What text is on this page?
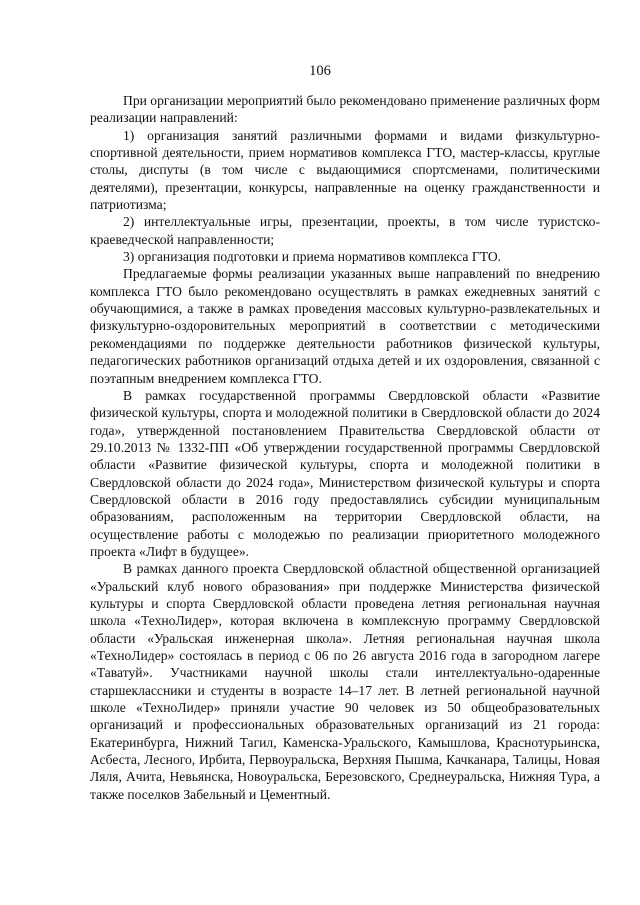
106

При организации мероприятий было рекомендовано применение различных форм реализации направлений:

1) организация занятий различными формами и видами физкультурно-спортивной деятельности, прием нормативов комплекса ГТО, мастер-классы, круглые столы, диспуты (в том числе с выдающимися спортсменами, политическими деятелями), презентации, конкурсы, направленные на оценку гражданственности и патриотизма;

2) интеллектуальные игры, презентации, проекты, в том числе туристско-краеведческой направленности;

3) организация подготовки и приема нормативов комплекса ГТО.

Предлагаемые формы реализации указанных выше направлений по внедрению комплекса ГТО было рекомендовано осуществлять в рамках ежедневных занятий с обучающимися, а также в рамках проведения массовых культурно-развлекательных и физкультурно-оздоровительных мероприятий в соответствии с методическими рекомендациями по поддержке деятельности работников физической культуры, педагогических работников организаций отдыха детей и их оздоровления, связанной с поэтапным внедрением комплекса ГТО.

В рамках государственной программы Свердловской области «Развитие физической культуры, спорта и молодежной политики в Свердловской области до 2024 года», утвержденной постановлением Правительства Свердловской области от 29.10.2013 № 1332-ПП «Об утверждении государственной программы Свердловской области «Развитие физической культуры, спорта и молодежной политики в Свердловской области до 2024 года», Министерством физической культуры и спорта Свердловской области в 2016 году предоставлялись субсидии муниципальным образованиям, расположенным на территории Свердловской области, на осуществление работы с молодежью по реализации приоритетного молодежного проекта «Лифт в будущее».

В рамках данного проекта Свердловской областной общественной организацией «Уральский клуб нового образования» при поддержке Министерства физической культуры и спорта Свердловской области проведена летняя региональная научная школа «ТехноЛидер», которая включена в комплексную программу Свердловской области «Уральская инженерная школа». Летняя региональная научная школа «ТехноЛидер» состоялась в период с 06 по 26 августа 2016 года в загородном лагере «Таватуй». Участниками научной школы стали интеллектуально-одаренные старшеклассники и студенты в возрасте 14–17 лет. В летней региональной научной школе «ТехноЛидер» приняли участие 90 человек из 50 общеобразовательных организаций и профессиональных образовательных организаций из 21 города: Екатеринбурга, Нижний Тагил, Каменска-Уральского, Камышлова, Краснотурьинска, Асбеста, Лесного, Ирбита, Первоуральска, Верхняя Пышма, Качканара, Талицы, Новая Ляля, Ачита, Невьянска, Новоуральска, Березовского, Среднеуральска, Нижняя Тура, а также поселков Забельный и Цементный.
